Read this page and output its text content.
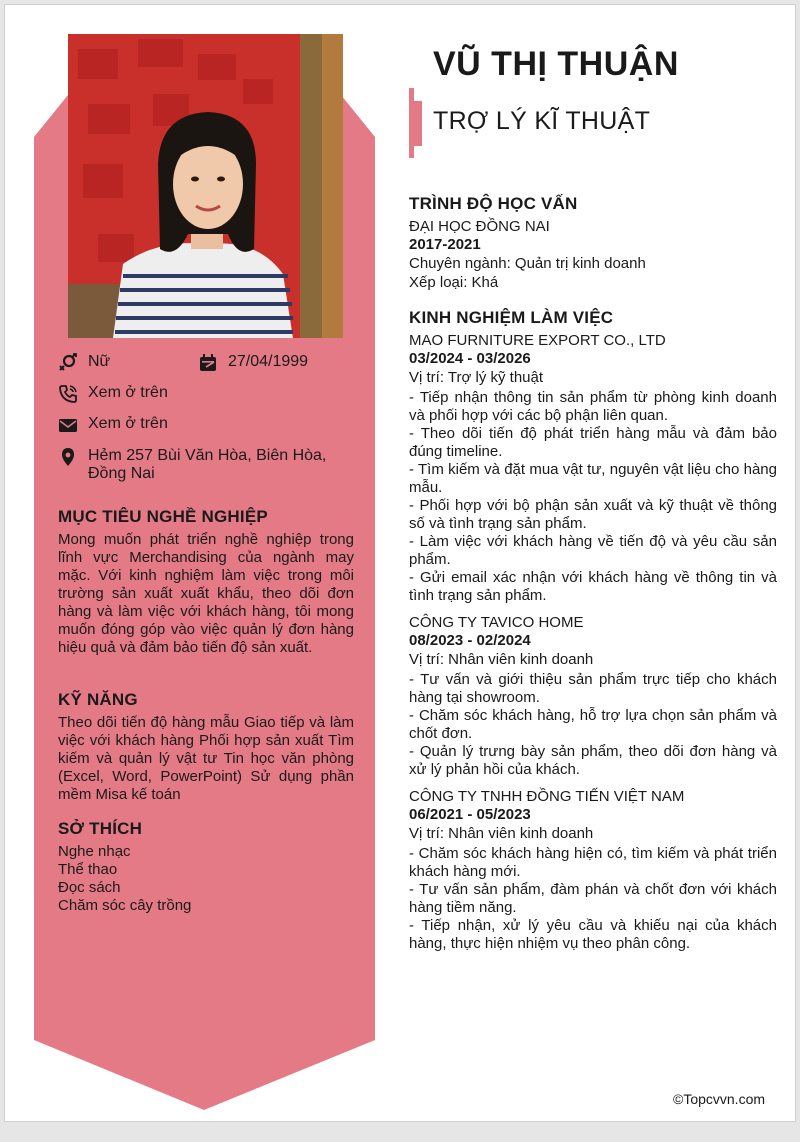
Nữ	27/04/1999
Xem ở trên
Xem ở trên
Hẻm 257 Bùi Văn Hòa, Biên Hòa, Đồng Nai
MỤC TIÊU NGHỀ NGHIỆP
Mong muốn phát triển nghề nghiệp trong lĩnh vực Merchandising của ngành may mặc. Với kinh nghiệm làm việc trong môi trường sản xuất xuất khẩu, theo dõi đơn hàng và làm việc với khách hàng, tôi mong muốn đóng góp vào việc quản lý đơn hàng hiệu quả và đảm bảo tiến độ sản xuất.
KỸ NĂNG
Theo dõi tiến độ hàng mẫu Giao tiếp và làm việc với khách hàng Phối hợp sản xuất Tìm kiếm và quản lý vật tư Tin học văn phòng (Excel, Word, PowerPoint) Sử dụng phần mềm Misa kế toán
SỞ THÍCH
Nghe nhạc
Thể thao
Đọc sách
Chăm sóc cây trồng
VŨ THỊ THUẬN
TRỢ LÝ KĨ THUẬT
TRÌNH ĐỘ HỌC VẤN
ĐẠI HỌC ĐỒNG NAI
2017-2021
Chuyên ngành: Quản trị kinh doanh
Xếp loại: Khá
KINH NGHIỆM LÀM VIỆC
MAO FURNITURE EXPORT CO., LTD
03/2024 - 03/2026
Vị trí: Trợ lý kỹ thuật
- Tiếp nhận thông tin sản phẩm từ phòng kinh doanh và phối hợp với các bộ phận liên quan.
- Theo dõi tiến độ phát triển hàng mẫu và đảm bảo đúng timeline.
- Tìm kiếm và đặt mua vật tư, nguyên vật liệu cho hàng mẫu.
- Phối hợp với bộ phận sản xuất và kỹ thuật về thông số và tình trạng sản phẩm.
- Làm việc với khách hàng về tiến độ và yêu cầu sản phẩm.
- Gửi email xác nhận với khách hàng về thông tin và tình trạng sản phẩm.
CÔNG TY TAVICO HOME
08/2023 - 02/2024
Vị trí: Nhân viên kinh doanh
- Tư vấn và giới thiệu sản phẩm trực tiếp cho khách hàng tại showroom.
- Chăm sóc khách hàng, hỗ trợ lựa chọn sản phẩm và chốt đơn.
- Quản lý trưng bày sản phẩm, theo dõi đơn hàng và xử lý phản hồi của khách.
CÔNG TY TNHH ĐỒNG TIẾN VIỆT NAM
06/2021 - 05/2023
Vị trí: Nhân viên kinh doanh
- Chăm sóc khách hàng hiện có, tìm kiếm và phát triển khách hàng mới.
- Tư vấn sản phẩm, đàm phán và chốt đơn với khách hàng tiềm năng.
- Tiếp nhận, xử lý yêu cầu và khiếu nại của khách hàng, thực hiện nhiệm vụ theo phân công.
©Topcvvn.com
